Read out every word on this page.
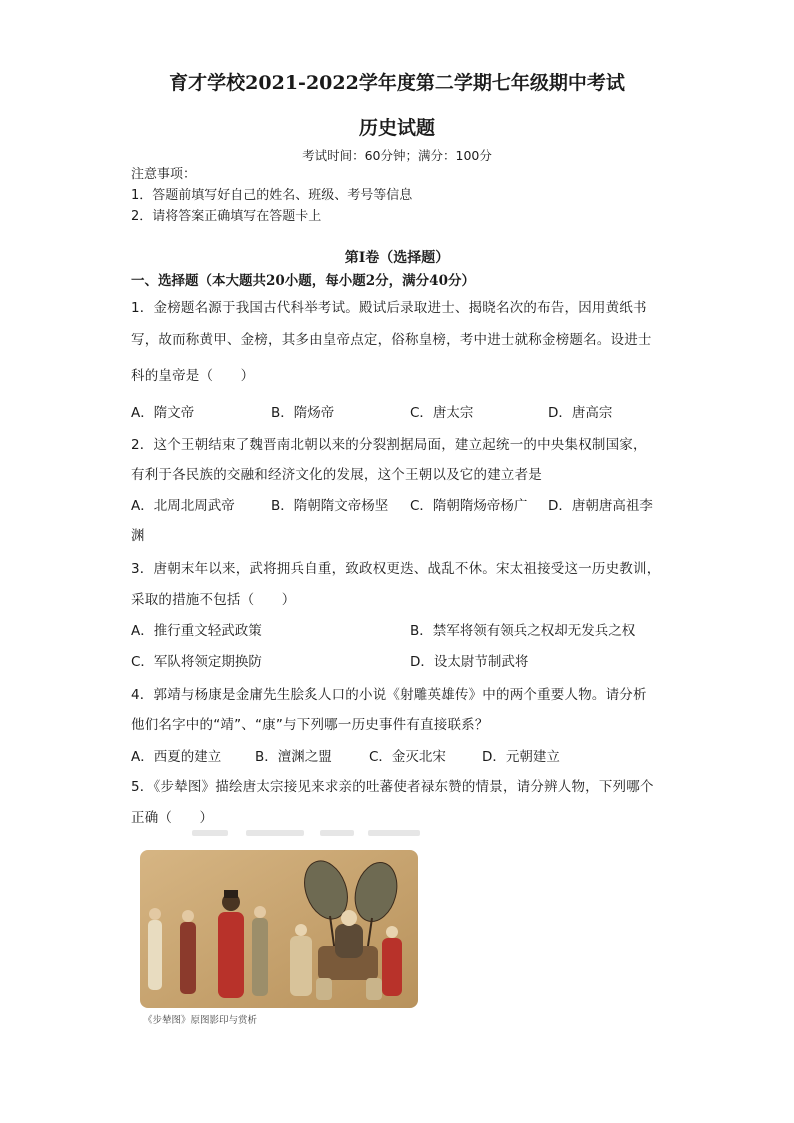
育才学校2021-2022学年度第二学期七年级期中考试
历史试题
考试时间：60分钟；满分：100分
注意事项：
1．答题前填写好自己的姓名、班级、考号等信息
2．请将答案正确填写在答题卡上
第I卷（选择题）
一、选择题（本大题共20小题，每小题2分，满分40分）
1．金榜题名源于我国古代科举考试。殿试后录取进士、揭晓名次的布告，因用黄纸书
写，故而称黄甲、金榜，其多由皇帝点定，俗称皇榜，考中进士就称金榜题名。设进士
科的皇帝是（　　）
A．隋文帝	B．隋炀帝	C．唐太宗	D．唐高宗
2．这个王朝结束了魏晋南北朝以来的分裂割据局面，建立起统一的中央集权制国家，
有利于各民族的交融和经济文化的发展，这个王朝以及它的建立者是
A．北周北周武帝	B．隋朝隋文帝杨坚 C．隋朝隋炀帝杨广 D．唐朝唐高祖李
渊
3．唐朝末年以来，武将拥兵自重，致政权更迭、战乱不休。宋太祖接受这一历史教训，
采取的措施不包括（　　）
A．推行重文轻武政策	B．禁军将领有领兵之权却无发兵之权
C．军队将领定期换防	D．设太尉节制武将
4．郭靖与杨康是金庸先生脍炙人口的小说《射雕英雄传》中的两个重要人物。请分析
他们名字中的“靖”、“康”与下列哪一历史事件有直接联系？
A．西夏的建立	B．澶渊之盟	C．金灭北宋	D．元朝建立
5．《步辇图》描绘唐太宗接见来求亲的吐蕃使者禄东赞的情景，请分辨人物，下列哪个
正确（　　）
《步辇图》原图影印与赏析
